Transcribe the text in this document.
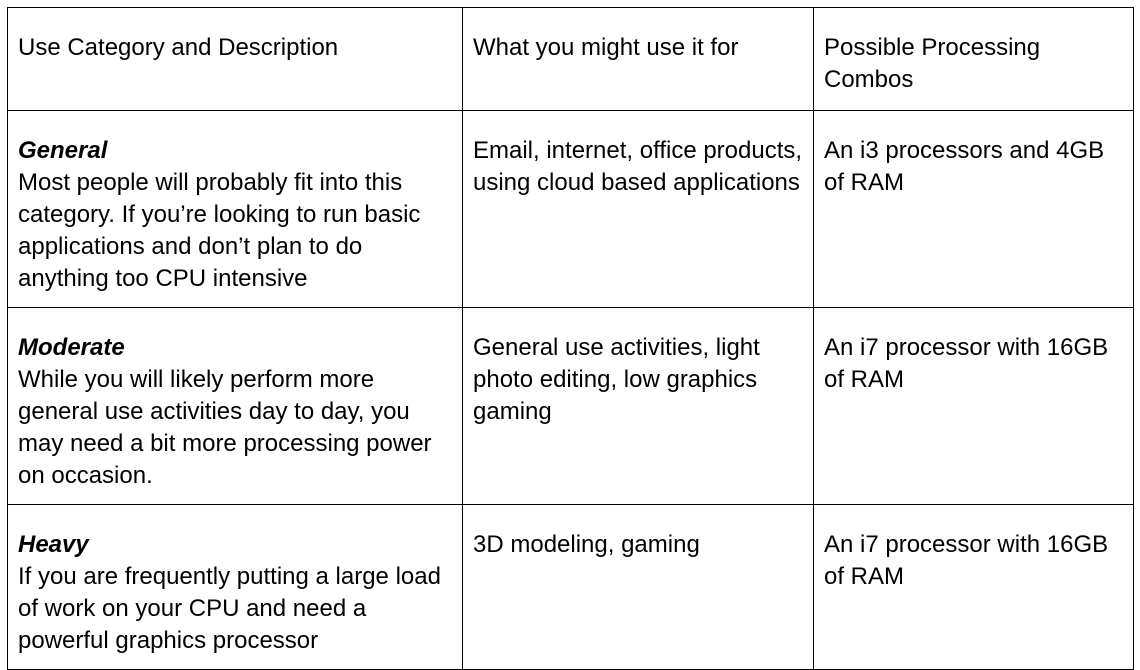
Use Category and Description	What you might use it for	Possible Processing Combos

General
Most people will probably fit into this category. If you’re looking to run basic applications and don’t plan to do anything too CPU intensive	Email, internet, office products, using cloud based applications	An i3 processors and 4GB of RAM

Moderate
While you will likely perform more general use activities day to day, you may need a bit more processing power on occasion.	General use activities, light photo editing, low graphics gaming	An i7 processor with 16GB of RAM

Heavy
If you are frequently putting a large load of work on your CPU and need a powerful graphics processor	3D modeling, gaming	An i7 processor with 16GB of RAM
